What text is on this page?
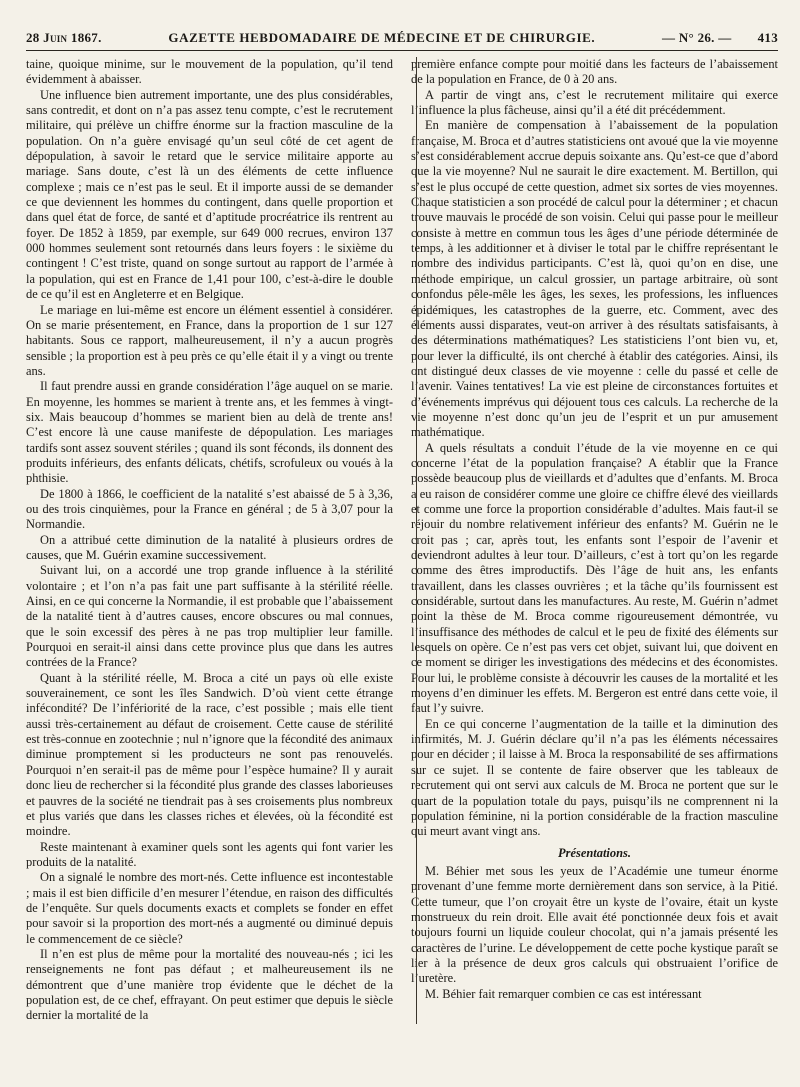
28 Juin 1867.	GAZETTE HEBDOMADAIRE DE MÉDECINE ET DE CHIRURGIE.	— N° 26. — 413

taine, quoique minime, sur le mouvement de la population, qu’il tend évidemment à abaisser.

Une influence bien autrement importante, une des plus considérables, sans contredit, et dont on n’a pas assez tenu compte, c’est le recrutement militaire, qui prélève un chiffre énorme sur la fraction masculine de la population. On n’a guère envisagé qu’un seul côté de cet agent de dépopulation, à savoir le retard que le service militaire apporte au mariage. Sans doute, c’est là un des éléments de cette influence complexe ; mais ce n’est pas le seul. Et il importe aussi de se demander ce que deviennent les hommes du contingent, dans quelle proportion et dans quel état de force, de santé et d’aptitude procréatrice ils rentrent au foyer. De 1852 à 1859, par exemple, sur 649 000 recrues, environ 137 000 hommes seulement sont retournés dans leurs foyers : le sixième du contingent ! C’est triste, quand on songe surtout au rapport de l’armée à la population, qui est en France de 1,41 pour 100, c’est-à-dire le double de ce qu’il est en Angleterre et en Belgique.

Le mariage en lui-même est encore un élément essentiel à considérer. On se marie présentement, en France, dans la proportion de 1 sur 127 habitants. Sous ce rapport, malheureusement, il n’y a aucun progrès sensible ; la proportion est à peu près ce qu’elle était il y a vingt ou trente ans.

Il faut prendre aussi en grande considération l’âge auquel on se marie. En moyenne, les hommes se marient à trente ans, et les femmes à vingt-six. Mais beaucoup d’hommes se marient bien au delà de trente ans! C’est encore là une cause manifeste de dépopulation. Les mariages tardifs sont assez souvent stériles ; quand ils sont féconds, ils donnent des produits inférieurs, des enfants délicats, chétifs, scrofuleux ou voués à la phthisie.

De 1800 à 1866, le coefficient de la natalité s’est abaissé de 5 à 3,36, ou des trois cinquièmes, pour la France en général ; de 5 à 3,07 pour la Normandie.

On a attribué cette diminution de la natalité à plusieurs ordres de causes, que M. Guérin examine successivement.

Suivant lui, on a accordé une trop grande influence à la stérilité volontaire ; et l’on n’a pas fait une part suffisante à la stérilité réelle. Ainsi, en ce qui concerne la Normandie, il est probable que l’abaissement de la natalité tient à d’autres causes, encore obscures ou mal connues, que le soin excessif des pères à ne pas trop multiplier leur famille. Pourquoi en serait-il ainsi dans cette province plus que dans les autres contrées de la France?

Quant à la stérilité réelle, M. Broca a cité un pays où elle existe souverainement, ce sont les îles Sandwich. D’où vient cette étrange infécondité? De l’infériorité de la race, c’est possible ; mais elle tient aussi très-certainement au défaut de croisement. Cette cause de stérilité est très-connue en zootechnie ; nul n’ignore que la fécondité des animaux diminue promptement si les producteurs ne sont pas renouvelés. Pourquoi n’en serait-il pas de même pour l’espèce humaine? Il y aurait donc lieu de rechercher si la fécondité plus grande des classes laborieuses et pauvres de la société ne tiendrait pas à ses croisements plus nombreux et plus variés que dans les classes riches et élevées, où la fécondité est moindre.

Reste maintenant à examiner quels sont les agents qui font varier les produits de la natalité.

On a signalé le nombre des mort-nés. Cette influence est incontestable ; mais il est bien difficile d’en mesurer l’étendue, en raison des difficultés de l’enquête. Sur quels documents exacts et complets se fonder en effet pour savoir si la proportion des mort-nés a augmenté ou diminué depuis le commencement de ce siècle?

Il n’en est plus de même pour la mortalité des nouveau-nés ; ici les renseignements ne font pas défaut ; et malheureusement ils ne démontrent que d’une manière trop évidente que le déchet de la population est, de ce chef, effrayant. On peut estimer que depuis le siècle dernier la mortalité de la

première enfance compte pour moitié dans les facteurs de l’abaissement de la population en France, de 0 à 20 ans.

A partir de vingt ans, c’est le recrutement militaire qui exerce l’influence la plus fâcheuse, ainsi qu’il a été dit précédemment.

En manière de compensation à l’abaissement de la population française, M. Broca et d’autres statisticiens ont avoué que la vie moyenne s’est considérablement accrue depuis soixante ans. Qu’est-ce que d’abord que la vie moyenne? Nul ne saurait le dire exactement. M. Bertillon, qui s’est le plus occupé de cette question, admet six sortes de vies moyennes. Chaque statisticien a son procédé de calcul pour la déterminer ; et chacun trouve mauvais le procédé de son voisin. Celui qui passe pour le meilleur consiste à mettre en commun tous les âges d’une période déterminée de temps, à les additionner et à diviser le total par le chiffre représentant le nombre des individus participants. C’est là, quoi qu’on en dise, une méthode empirique, un calcul grossier, un partage arbitraire, où sont confondus pêle-mêle les âges, les sexes, les professions, les influences épidémiques, les catastrophes de la guerre, etc. Comment, avec des éléments aussi disparates, veut-on arriver à des résultats satisfaisants, à des déterminations mathématiques? Les statisticiens l’ont bien vu, et, pour lever la difficulté, ils ont cherché à établir des catégories. Ainsi, ils ont distingué deux classes de vie moyenne : celle du passé et celle de l’avenir. Vaines tentatives! La vie est pleine de circonstances fortuites et d’événements imprévus qui déjouent tous ces calculs. La recherche de la vie moyenne n’est donc qu’un jeu de l’esprit et un pur amusement mathématique.

A quels résultats a conduit l’étude de la vie moyenne en ce qui concerne l’état de la population française? A établir que la France possède beaucoup plus de vieillards et d’adultes que d’enfants. M. Broca a eu raison de considérer comme une gloire ce chiffre élevé des vieillards et comme une force la proportion considérable d’adultes. Mais faut-il se réjouir du nombre relativement inférieur des enfants? M. Guérin ne le croit pas ; car, après tout, les enfants sont l’espoir de l’avenir et deviendront adultes à leur tour. D’ailleurs, c’est à tort qu’on les regarde comme des êtres improductifs. Dès l’âge de huit ans, les enfants travaillent, dans les classes ouvrières ; et la tâche qu’ils fournissent est considérable, surtout dans les manufactures. Au reste, M. Guérin n’admet point la thèse de M. Broca comme rigoureusement démontrée, vu l’insuffisance des méthodes de calcul et le peu de fixité des éléments sur lesquels on opère. Ce n’est pas vers cet objet, suivant lui, que doivent en ce moment se diriger les investigations des médecins et des économistes. Pour lui, le problème consiste à découvrir les causes de la mortalité et les moyens d’en diminuer les effets. M. Bergeron est entré dans cette voie, il faut l’y suivre.

En ce qui concerne l’augmentation de la taille et la diminution des infirmités, M. J. Guérin déclare qu’il n’a pas les éléments nécessaires pour en décider ; il laisse à M. Broca la responsabilité de ses affirmations sur ce sujet. Il se contente de faire observer que les tableaux de recrutement qui ont servi aux calculs de M. Broca ne portent que sur le quart de la population totale du pays, puisqu’ils ne comprennent ni la population féminine, ni la portion considérable de la fraction masculine qui meurt avant vingt ans.

Présentations.

M. Béhier met sous les yeux de l’Académie une tumeur énorme provenant d’une femme morte dernièrement dans son service, à la Pitié. Cette tumeur, que l’on croyait être un kyste de l’ovaire, était un kyste monstrueux du rein droit. Elle avait été ponctionnée deux fois et avait toujours fourni un liquide couleur chocolat, qui n’a jamais présenté les caractères de l’urine. Le développement de cette poche kystique paraît se lier à la présence de deux gros calculs qui obstruaient l’orifice de l’uretère.

M. Béhier fait remarquer combien ce cas est intéressant
